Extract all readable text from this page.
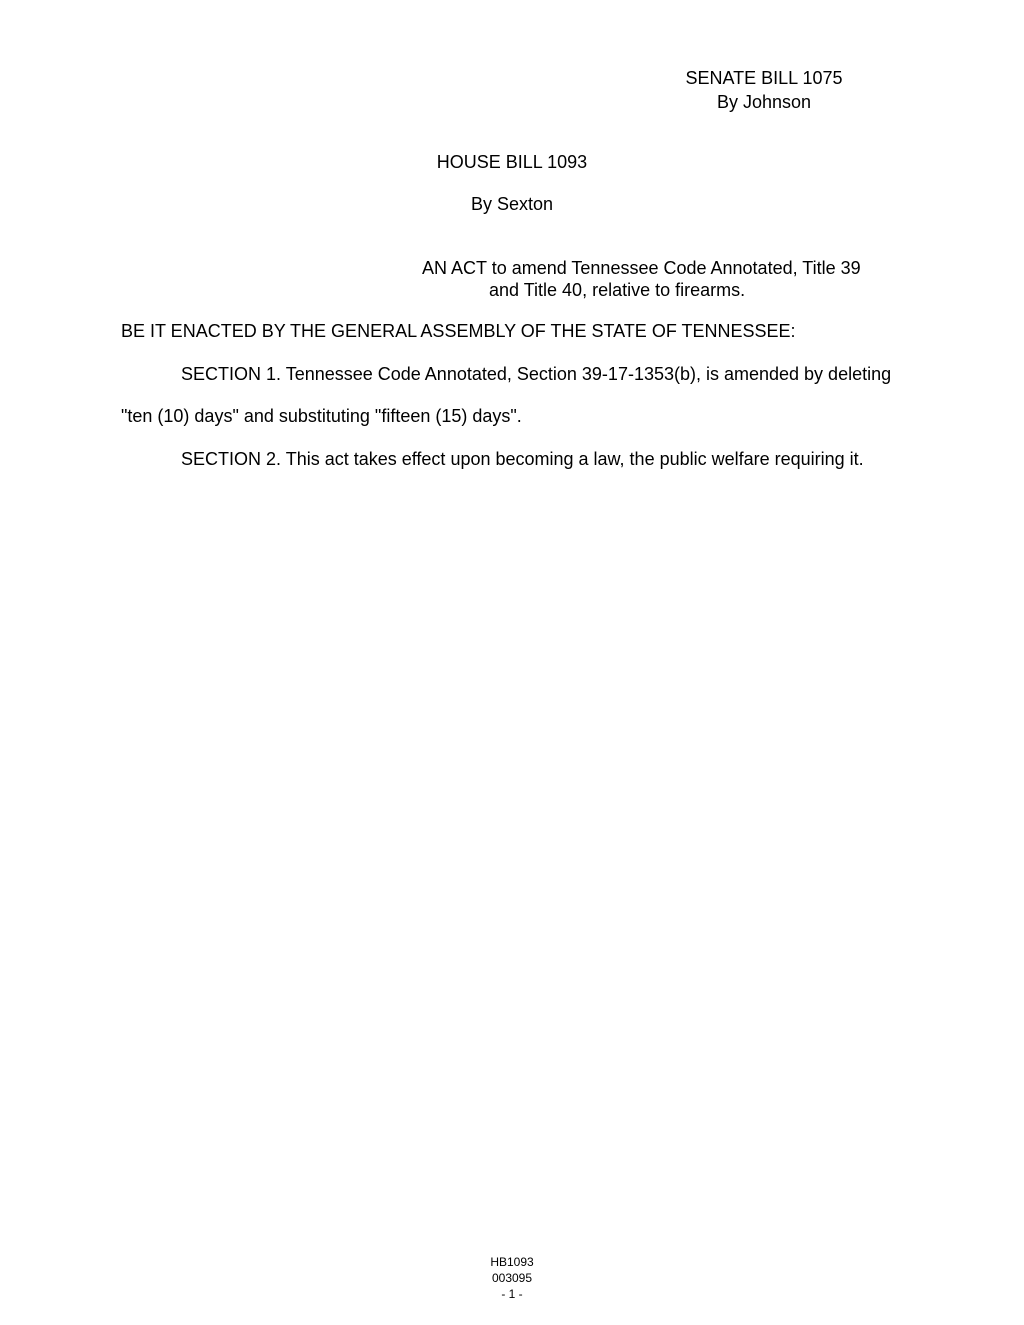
SENATE BILL 1075
By Johnson
HOUSE BILL 1093
By Sexton
AN ACT to amend Tennessee Code Annotated, Title 39
and Title 40, relative to firearms.
BE IT ENACTED BY THE GENERAL ASSEMBLY OF THE STATE OF TENNESSEE:

SECTION 1. Tennessee Code Annotated, Section 39-17-1353(b), is amended by deleting "ten (10) days" and substituting "fifteen (15) days".

SECTION 2. This act takes effect upon becoming a law, the public welfare requiring it.

HB1093
003095
- 1 -
